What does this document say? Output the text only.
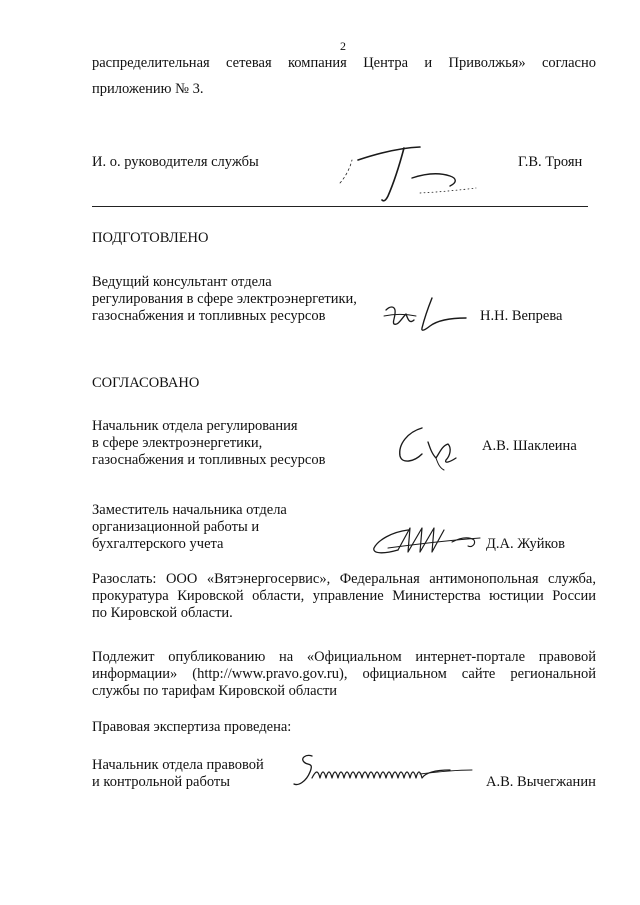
2
распределительная сетевая компания Центра и Приволжья» согласно
приложению № 3.
И. о. руководителя службы	Г.В. Троян
ПОДГОТОВЛЕНО
Ведущий консультант отдела
регулирования в сфере электроэнергетики,
газоснабжения и топливных ресурсов	Н.Н. Вепрева
СОГЛАСОВАНО
Начальник отдела регулирования
в сфере электроэнергетики,
газоснабжения и топливных ресурсов
А.В. Шаклеина
Заместитель начальника отдела
организационной работы и
бухгалтерского учета	Д.А. Жуйков
Разослать: ООО «Вятэнергосервис», Федеральная антимонопольная служба,
прокуратура Кировской области, управление Министерства юстиции России
по Кировской области.
Подлежит опубликованию на «Официальном интернет-портале правовой
информации» (http://www.pravo.gov.ru), официальном сайте региональной
службы по тарифам Кировской области
Правовая экспертиза проведена:
Начальник отдела правовой
и контрольной работы	А.В. Вычегжанин
